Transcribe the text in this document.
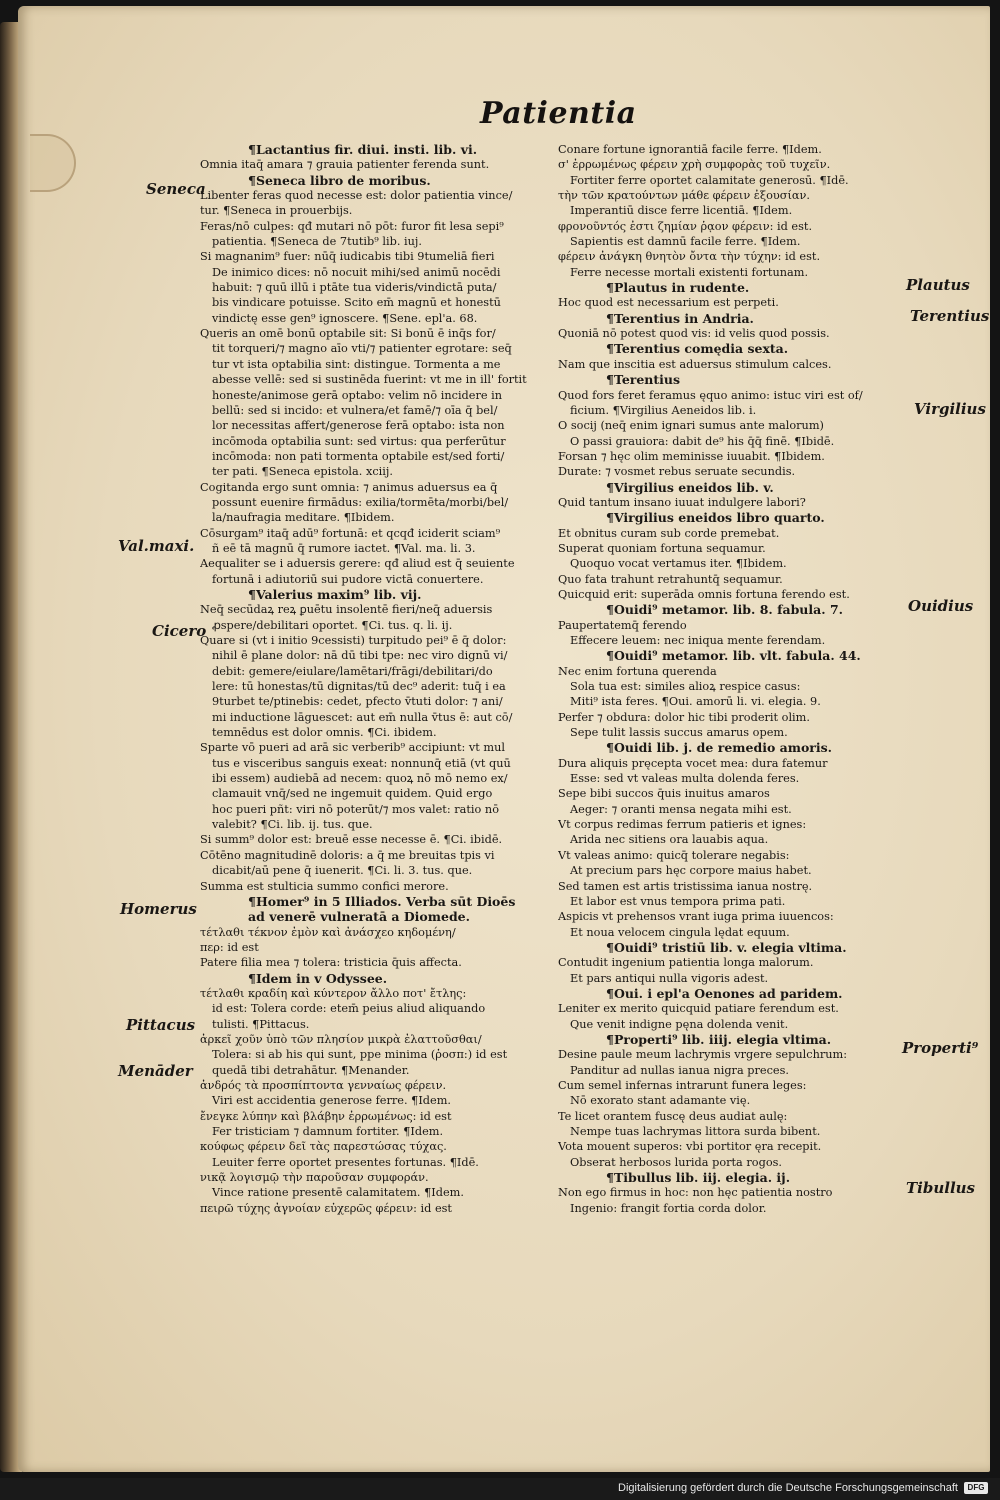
Patientia
¶Lactantius fir. diui. insti. lib. vi.
Omnia itaq̄ amara ⁊ grauia patienter ferenda sunt.
¶Seneca libro de moribus.
Libenter feras quod necesse est: dolor patientia vince/
tur. ¶Seneca in prouerbijs.
Feras/nō culpes: qđ mutari nō pōt: furor fit lesa sepi⁹
patientia. ¶Seneca de 7tutib⁹ lib. iuj.
Si magnanim⁹ fuer: nūq̄ iudicabis tibi 9tumeliā fieri
De inimico dices: nō nocuit mihi/sed animū nocēdi
habuit: ⁊ quū illū i ptāte tua videris/vindictā puta/
bis vindicare potuisse. Scito em̄ magnū et honestū
vindictę esse gen⁹ ignoscere. ¶Sene. epl'a. 68.
Queris an omē bonū optabile sit: Si bonū ē inq̄s for/
tit torqueri/⁊ magno aīo vti/⁊ patienter egrotare: seq̄
tur vt ista optabilia sint: distingue. Tormenta a me
abesse vellē: sed si sustinēda fuerint: vt me in ill' fortit
honeste/animose gerā optabo: velim nō incidere in
bellū: sed si incido: et vulnera/et famē/⁊ oīa q̄ bel/
lor necessitas affert/generose ferā optabo: ista non
incōmoda optabilia sunt: sed virtus: qua perferūtur
incōmoda: non pati tormenta optabile est/sed forti/
ter pati. ¶Seneca epistola. xciij.
Cogitanda ergo sunt omnia: ⁊ animus aduersus ea q̄
possunt euenire firmādus: exilia/tormēta/morbi/bel/
la/naufragia meditare. ¶Ibidem.
Cōsurgam⁹ itaq̄ adū⁹ fortunā: et qcqđ iciderit sciam⁹
ñ eē tā magnū q̄ rumore iactet. ¶Val. ma. li. 3.
Aequaliter se i aduersis gerere: qđ aliud est q̄ seuiente
fortunā i adiutoriū sui pudore victā conuertere.
¶Valerius maxim⁹ lib. vij.
Neq̄ secūdaꝝ reꝝ ꝑuētu insolentē fieri/neq̄ aduersis
ꝓspere/debilitari oportet. ¶Ci. tus. q. li. ij.
Quare si (vt i initio 9cessisti) turpitudo pei⁹ ē q̄ dolor:
nihil ē plane dolor: nā dū tibi tpe: nec viro dignū vi/
debit: gemere/eiulare/lamētari/frāgi/debilitari/do
lere: tū honestas/tū dignitas/tū dec⁹ aderit: tuq̄ i ea
9turbet te/ptinebis: cedet, pfecto v̄tuti dolor: ⁊ ani/
mi inductione lāguescet: aut em̄ nulla v̄tus ē: aut cō/
temnēdus est dolor omnis. ¶Ci. ibidem.
Sparte vō pueri ad arā sic verberib⁹ accipiunt: vt mul
tus e visceribus sanguis exeat: nonnunq̄ etiā (vt quū
ibi essem) audiebā ad necem: quoꝝ nō mō nemo ex/
clamauit vnq̄/sed ne ingemuit quidem. Quid ergo
hoc pueri pñt: viri nō poterūt/⁊ mos valet: ratio nō
valebit? ¶Ci. lib. ij. tus. que.
Si summ⁹ dolor est: breuē esse necesse ē. ¶Ci. ibidē.
Cōtēno magnitudinē doloris: a q̄ me breuitas tpis vi
dicabit/aū pene q̄ iuenerit. ¶Ci. li. 3. tus. que.
Summa est stulticia summo confici merore.
¶Homer⁹ in 5 Illiados. Verba sūt Dioēs
ad venerē vulneratā a Diomede.
τέτλαθι τέκνον ἐμὸν καὶ ἀνάσχεο κηδομένη/
περ: id est
Patere filia mea ⁊ tolera: tristicia q̄uis affecta.
¶Idem in v Odyssee.
τέτλαθι κραδίη καὶ κύντερον ἄλλο ποτ' ἔτλης:
id est: Tolera corde: etem̄ peius aliud aliquando
tulisti. ¶Pittacus.
ἀρκεῖ χοῦν ὑπὸ τῶν πλησίον μικρὰ ἐλαττοῦσθαι/
Tolera: si ab his qui sunt, ppe minima (ῥοσπ:) id est
quedā tibi detrahātur. ¶Menander.
ἀνδρός τὰ προσπίπτοντα γενναίως φέρειν.
Viri est accidentia generose ferre. ¶Idem.
ἔνεγκε λύπην καὶ βλάβην ἐρρωμένως: id est
Fer tristiciam ⁊ damnum fortiter. ¶Idem.
κούφως φέρειν δεῖ τὰς παρεστώσας τύχας.
Leuiter ferre oportet presentes fortunas. ¶Idē.
νικᾷ λογισμῷ τὴν παροῦσαν συμφοράν.
Vince ratione presentē calamitatem. ¶Idem.
πειρῶ τύχης ἀγνοίαν εὐχερῶς φέρειν: id est
Conare fortune ignorantiā facile ferre. ¶Idem.
σ' ἐρρωμένως φέρειν χρὴ συμφορὰς τοῦ τυχεῖν.
Fortiter ferre oportet calamitate generosū. ¶Idē.
τὴν τῶν κρατούντων μάθε φέρειν ἐξουσίαν.
Imperantiū disce ferre licentiā. ¶Idem.
φρονοῦντός ἐστι ζημίαν ῥᾳον φέρειν: id est.
Sapientis est damnū facile ferre. ¶Idem.
φέρειν ἀνάγκη θνητὸν ὄντα τὴν τύχην: id est.
Ferre necesse mortali existenti fortunam.
¶Plautus in rudente.
Hoc quod est necessarium est perpeti.
¶Terentius in Andria.
Quoniā nō potest quod vis: id velis quod possis.
¶Terentius comędia sexta.
Nam que inscitia est aduersus stimulum calces.
¶Terentius
Quod fors feret feramus ęquo animo: istuc viri est of/
ficium. ¶Virgilius Aeneidos lib. i.
O socij (neq̄ enim ignari sumus ante malorum)
O passi grauiora: dabit de⁹ his q̄q̄ finē. ¶Ibidē.
Forsan ⁊ hęc olim meminisse iuuabit. ¶Ibidem.
Durate: ⁊ vosmet rebus seruate secundis.
¶Virgilius eneidos lib. v.
Quid tantum insano iuuat indulgere labori?
¶Virgilius eneidos libro quarto.
Et obnitus curam sub corde premebat.
Superat quoniam fortuna sequamur.
Quoquo vocat vertamus iter. ¶Ibidem.
Quo fata trahunt retrahuntq̄ sequamur.
Quicquid erit: superāda omnis fortuna ferendo est.
¶Ouidi⁹ metamor. lib. 8. fabula. 7.
Paupertatemq̄ ferendo
Effecere leuem: nec iniqua mente ferendam.
¶Ouidi⁹ metamor. lib. vlt. fabula. 44.
Nec enim fortuna querenda
Sola tua est: similes alioꝝ respice casus:
Miti⁹ ista feres. ¶Oui. amorū li. vi. elegia. 9.
Perfer ⁊ obdura: dolor hic tibi proderit olim.
Sepe tulit lassis succus amarus opem.
¶Ouidi lib. j. de remedio amoris.
Dura aliquis pręcepta vocet mea: dura fatemur
Esse: sed vt valeas multa dolenda feres.
Sepe bibi succos q̄uis inuitus amaros
Aeger: ⁊ oranti mensa negata mihi est.
Vt corpus redimas ferrum patieris et ignes:
Arida nec sitiens ora lauabis aqua.
Vt valeas animo: quicq̄ tolerare negabis:
At precium pars hęc corpore maius habet.
Sed tamen est artis tristissima ianua nostrę.
Et labor est vnus tempora prima pati.
Aspicis vt prehensos vrant iuga prima iuuencos:
Et noua velocem cingula lędat equum.
¶Ouidi⁹ tristiū lib. v. elegia vltima.
Contudit ingenium patientia longa malorum.
Et pars antiqui nulla vigoris adest.
¶Oui. i epl'a Oenones ad paridem.
Leniter ex merito quicquid patiare ferendum est.
Que venit indigne pęna dolenda venit.
¶Properti⁹ lib. iiij. elegia vltima.
Desine paule meum lachrymis vrgere sepulchrum:
Panditur ad nullas ianua nigra preces.
Cum semel infernas intrarunt funera leges:
Nō exorato stant adamante vię.
Te licet orantem fuscę deus audiat aulę:
Nempe tuas lachrymas littora surda bibent.
Vota mouent superos: vbi portitor ęra recepit.
Obserat herbosos lurida porta rogos.
¶Tibullus lib. iij. elegia. ij.
Non ego firmus in hoc: non hęc patientia nostro
Ingenio: frangit fortia corda dolor.
Seneca
Val.maxi.
Cicero
Homerus
Pittacus
Menāder
Plautus
Terentius
Virgilius
Ouidius
Properti⁹
Tibullus
Digitalisierung gefördert durch die Deutsche Forschungsgemeinschaft	DFG
